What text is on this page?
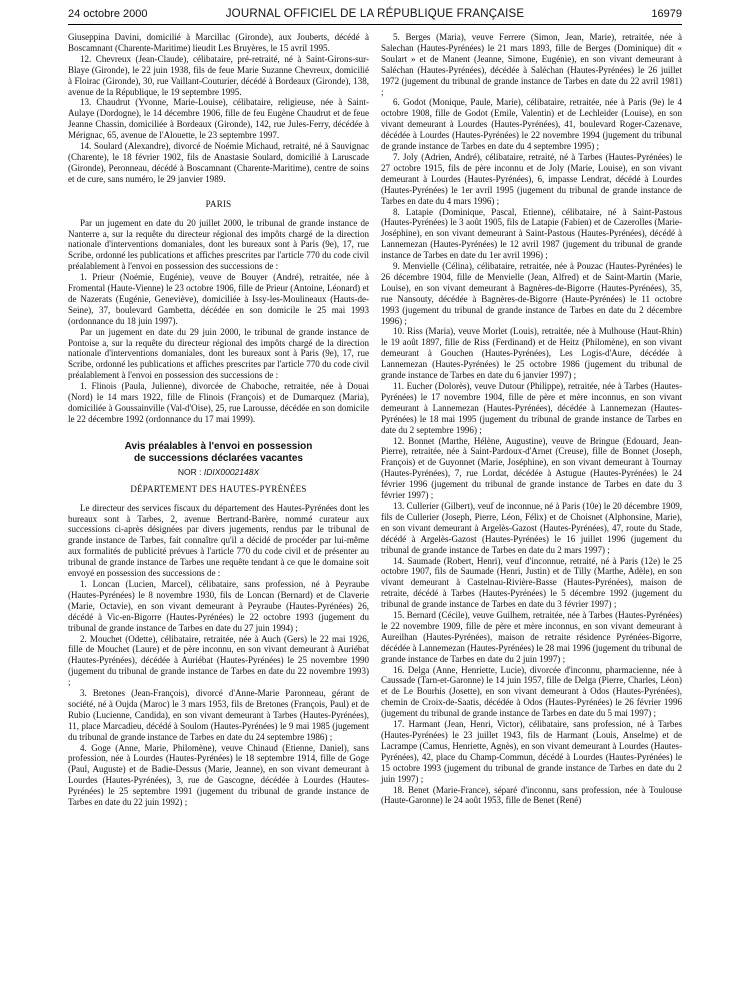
24 octobre 2000	JOURNAL OFFICIEL DE LA RÉPUBLIQUE FRANÇAISE	16979

Giuseppina Davini, domicilié à Marcillac (Gironde), aux Jouberts, décédé à Boscamnant (Charente-Maritime) lieudit Les Bruyères, le 15 avril 1995.

12. Chevreux (Jean-Claude), célibataire, pré-retraité, né à Saint-Girons-sur-Blaye (Gironde), le 22 juin 1938, fils de feue Marie Suzanne Chevreux, domicilié à Floirac (Gironde), 30, rue Vaillant-Couturier, décédé à Bordeaux (Gironde), 138, avenue de la République, le 19 septembre 1995.

13. Chaudrut (Yvonne, Marie-Louise), célibataire, religieuse, née à Saint-Aulaye (Dordogne), le 14 décembre 1906, fille de feu Eugène Chaudrut et de feue Jeanne Chassin, domiciliée à Bordeaux (Gironde), 142, rue Jules-Ferry, décédée à Mérignac, 65, avenue de l'Alouette, le 23 septembre 1997.

14. Soulard (Alexandre), divorcé de Noémie Michaud, retraité, né à Sauvignac (Charente), le 18 février 1902, fils de Anastasie Soulard, domicilié à Laruscade (Gironde), Peronneau, décédé à Boscamnant (Charente-Maritime), centre de soins et de cure, sans numéro, le 29 janvier 1989.

PARIS

Par un jugement en date du 20 juillet 2000, le tribunal de grande instance de Nanterre a, sur la requête du directeur régional des impôts chargé de la direction nationale d'interventions domaniales, dont les bureaux sont à Paris (9e), 17, rue Scribe, ordonné les publications et affiches prescrites par l'article 770 du code civil préalablement à l'envoi en possession des successions de :

1. Prieur (Noémie, Eugénie), veuve de Bouyer (André), retraitée, née à Fromental (Haute-Vienne) le 23 octobre 1906, fille de Prieur (Antoine, Léonard) et de Nazerats (Eugénie, Geneviève), domiciliée à Issy-les-Moulineaux (Hauts-de-Seine), 37, boulevard Gambetta, décédée en son domicile le 25 mai 1993 (ordonnance du 18 juin 1997).

Par un jugement en date du 29 juin 2000, le tribunal de grande instance de Pontoise a, sur la requête du directeur régional des impôts chargé de la direction nationale d'interventions domaniales, dont les bureaux sont à Paris (9e), 17, rue Scribe, ordonné les publications et affiches prescrites par l'article 770 du code civil préalablement à l'envoi en possession des successions de :

1. Flinois (Paula, Julienne), divorcée de Chaboche, retraitée, née à Douai (Nord) le 14 mars 1922, fille de Flinois (François) et de Dumarquez (Maria), domiciliée à Goussainville (Val-d'Oise), 25, rue Larousse, décédée en son domicile le 22 décembre 1992 (ordonnance du 17 mai 1999).

Avis préalables à l'envoi en possession
de successions déclarées vacantes

NOR : IDIX0002148X

DÉPARTEMENT DES HAUTES-PYRÉNÉES

Le directeur des services fiscaux du département des Hautes-Pyrénées dont les bureaux sont à Tarbes, 2, avenue Bertrand-Barère, nommé curateur aux successions ci-après désignées par divers jugements, rendus par le tribunal de grande instance de Tarbes, fait connaître qu'il a décidé de procéder par lui-même aux formalités de publicité prévues à l'article 770 du code civil et de présenter au tribunal de grande instance de Tarbes une requête tendant à ce que le domaine soit envoyé en possession des successions de :

1. Loncan (Lucien, Marcel), célibataire, sans profession, né à Peyraube (Hautes-Pyrénées) le 8 novembre 1930, fils de Loncan (Bernard) et de Claverie (Marie, Octavie), en son vivant demeurant à Peyraube (Hautes-Pyrénées) 26, décédé à Vic-en-Bigorre (Hautes-Pyrénées) le 22 octobre 1993 (jugement du tribunal de grande instance de Tarbes en date du 27 juin 1994) ;

2. Mouchet (Odette), célibataire, retraitée, née à Auch (Gers) le 22 mai 1926, fille de Mouchet (Laure) et de père inconnu, en son vivant demeurant à Auriébat (Hautes-Pyrénées), décédée à Auriébat (Hautes-Pyrénées) le 25 novembre 1990 (jugement du tribunal de grande instance de Tarbes en date du 22 novembre 1993) ;

3. Bretones (Jean-François), divorcé d'Anne-Marie Paronneau, gérant de société, né à Oujda (Maroc) le 3 mars 1953, fils de Bretones (François, Paul) et de Rubio (Lucienne, Candida), en son vivant demeurant à Tarbes (Hautes-Pyrénées), 11, place Marcadieu, décédé à Soulom (Hautes-Pyrénées) le 9 mai 1985 (jugement du tribunal de grande instance de Tarbes en date du 24 septembre 1986) ;

4. Goge (Anne, Marie, Philomène), veuve Chinaud (Etienne, Daniel), sans profession, née à Lourdes (Hautes-Pyrénées) le 18 septembre 1914, fille de Goge (Paul, Auguste) et de Badie-Dessus (Marie, Jeanne), en son vivant demeurant à Lourdes (Hautes-Pyrénées), 3, rue de Gascogne, décédée à Lourdes (Hautes-Pyrénées) le 25 septembre 1991 (jugement du tribunal de grande instance de Tarbes en date du 22 juin 1992) ;

5. Berges (Maria), veuve Ferrere (Simon, Jean, Marie), retraitée, née à Salechan (Hautes-Pyrénées) le 21 mars 1893, fille de Berges (Dominique) dit « Soulart » et de Manent (Jeanne, Simone, Eugénie), en son vivant demeurant à Saléchan (Hautes-Pyrénées), décédée à Saléchan (Hautes-Pyrénées) le 26 juillet 1972 (jugement du tribunal de grande instance de Tarbes en date du 22 avril 1981) ;

6. Godot (Monique, Paule, Marie), célibataire, retraitée, née à Paris (9e) le 4 octobre 1908, fille de Godot (Emile, Valentin) et de Lechleider (Louise), en son vivant demeurant à Lourdes (Hautes-Pyrénées), 41, boulevard Roger-Cazenave, décédée à Lourdes (Hautes-Pyrénées) le 22 novembre 1994 (jugement du tribunal de grande instance de Tarbes en date du 4 septembre 1995) ;

7. Joly (Adrien, André), célibataire, retraité, né à Tarbes (Hautes-Pyrénées) le 27 octobre 1915, fils de père inconnu et de Joly (Marie, Louise), en son vivant demeurant à Lourdes (Hautes-Pyrénées), 6, impasse Lendrat, décédé à Lourdes (Hautes-Pyrénées) le 1er avril 1995 (jugement du tribunal de grande instance de Tarbes en date du 4 mars 1996) ;

8. Latapie (Dominique, Pascal, Etienne), célibataire, né à Saint-Pastous (Hautes-Pyrénées) le 3 août 1905, fils de Latapie (Fabien) et de Cazerolles (Marie-Joséphine), en son vivant demeurant à Saint-Pastous (Hautes-Pyrénées), décédé à Lannemezan (Hautes-Pyrénées) le 12 avril 1987 (jugement du tribunal de grande instance de Tarbes en date du 1er avril 1996) ;

9. Menvielle (Célina), célibataire, retraitée, née à Pouzac (Hautes-Pyrénées) le 26 décembre 1904, fille de Menvielle (Jean, Alfred) et de Saint-Martin (Marie, Louise), en son vivant demeurant à Bagnères-de-Bigorre (Hautes-Pyrénées), 35, rue Nansouty, décédée à Bagnères-de-Bigorre (Haute-Pyrénées) le 11 octobre 1993 (jugement du tribunal de grande instance de Tarbes en date du 2 décembre 1996) ;

10. Riss (Maria), veuve Morlet (Louis), retraitée, née à Mulhouse (Haut-Rhin) le 19 août 1897, fille de Riss (Ferdinand) et de Heitz (Philomène), en son vivant demeurant à Gouchen (Hautes-Pyrénées), Les Logis-d'Aure, décédée à Lannemezan (Hautes-Pyrénées) le 25 octobre 1986 (jugement du tribunal de grande instance de Tarbes en date du 6 janvier 1997) ;

11. Eucher (Dolorès), veuve Dutour (Philippe), retraitée, née à Tarbes (Hautes-Pyrénées) le 17 novembre 1904, fille de père et mère inconnus, en son vivant demeurant à Lannemezan (Hautes-Pyrénées), décédée à Lannemezan (Hautes-Pyrénées) le 18 mai 1995 (jugement du tribunal de grande instance de Tarbes en date du 2 septembre 1996) ;

12. Bonnet (Marthe, Hélène, Augustine), veuve de Bringue (Edouard, Jean-Pierre), retraitée, née à Saint-Pardoux-d'Arnet (Creuse), fille de Bonnet (Joseph, François) et de Guyonnet (Marie, Joséphine), en son vivant demeurant à Tournay (Hautes-Pyrénées), 7, rue Lordat, décédée à Astugue (Hautes-Pyrénées) le 24 février 1996 (jugement du tribunal de grande instance de Tarbes en date du 3 février 1997) ;

13. Cullerier (Gilbert), veuf de inconnue, né à Paris (10e) le 20 décembre 1909, fils de Cullerier (Joseph, Pierre, Léon, Félix) et de Choisnet (Alphonsine, Marie), en son vivant demeurant à Argelès-Gazost (Hautes-Pyrénées), 47, route du Stade, décédé à Argelès-Gazost (Hautes-Pyrénées) le 16 juillet 1996 (jugement du tribunal de grande instance de Tarbes en date du 2 mars 1997) ;

14. Saumade (Robert, Henri), veuf d'inconnue, retraité, né à Paris (12e) le 25 octobre 1907, fils de Saumade (Henri, Justin) et de Tilly (Marthe, Adèle), en son vivant demeurant à Castelnau-Rivière-Basse (Hautes-Pyrénées), maison de retraite, décédé à Tarbes (Hautes-Pyrénées) le 5 décembre 1992 (jugement du tribunal de grande instance de Tarbes en date du 3 février 1997) ;

15. Bernard (Cécile), veuve Guilhem, retraitée, née à Tarbes (Hautes-Pyrénées) le 22 novembre 1909, fille de père et mère inconnus, en son vivant demeurant à Aureilhan (Hautes-Pyrénées), maison de retraite résidence Pyrénées-Bigorre, décédée à Lannemezan (Hautes-Pyrénées) le 28 mai 1996 (jugement du tribunal de grande instance de Tarbes en date du 2 juin 1997) ;

16. Delga (Anne, Henriette, Lucie), divorcée d'inconnu, pharmacienne, née à Caussade (Tarn-et-Garonne) le 14 juin 1957, fille de Delga (Pierre, Charles, Léon) et de Le Bourhis (Josette), en son vivant demeurant à Odos (Hautes-Pyrénées), chemin de Croix-de-Saatis, décédée à Odos (Hautes-Pyrénées) le 26 février 1996 (jugement du tribunal de grande instance de Tarbes en date du 5 mai 1997) ;

17. Harmant (Jean, Henri, Victor), célibataire, sans profession, né à Tarbes (Hautes-Pyrénées) le 23 juillet 1943, fils de Harmant (Louis, Anselme) et de Lacrampe (Camus, Henriette, Agnès), en son vivant demeurant à Lourdes (Hautes-Pyrénées), 42, place du Champ-Commun, décédé à Lourdes (Hautes-Pyrénées) le 15 octobre 1993 (jugement du tribunal de grande instance de Tarbes en date du 2 juin 1997) ;

18. Benet (Marie-France), séparé d'inconnu, sans profession, née à Toulouse (Haute-Garonne) le 24 août 1953, fille de Benet (René)
